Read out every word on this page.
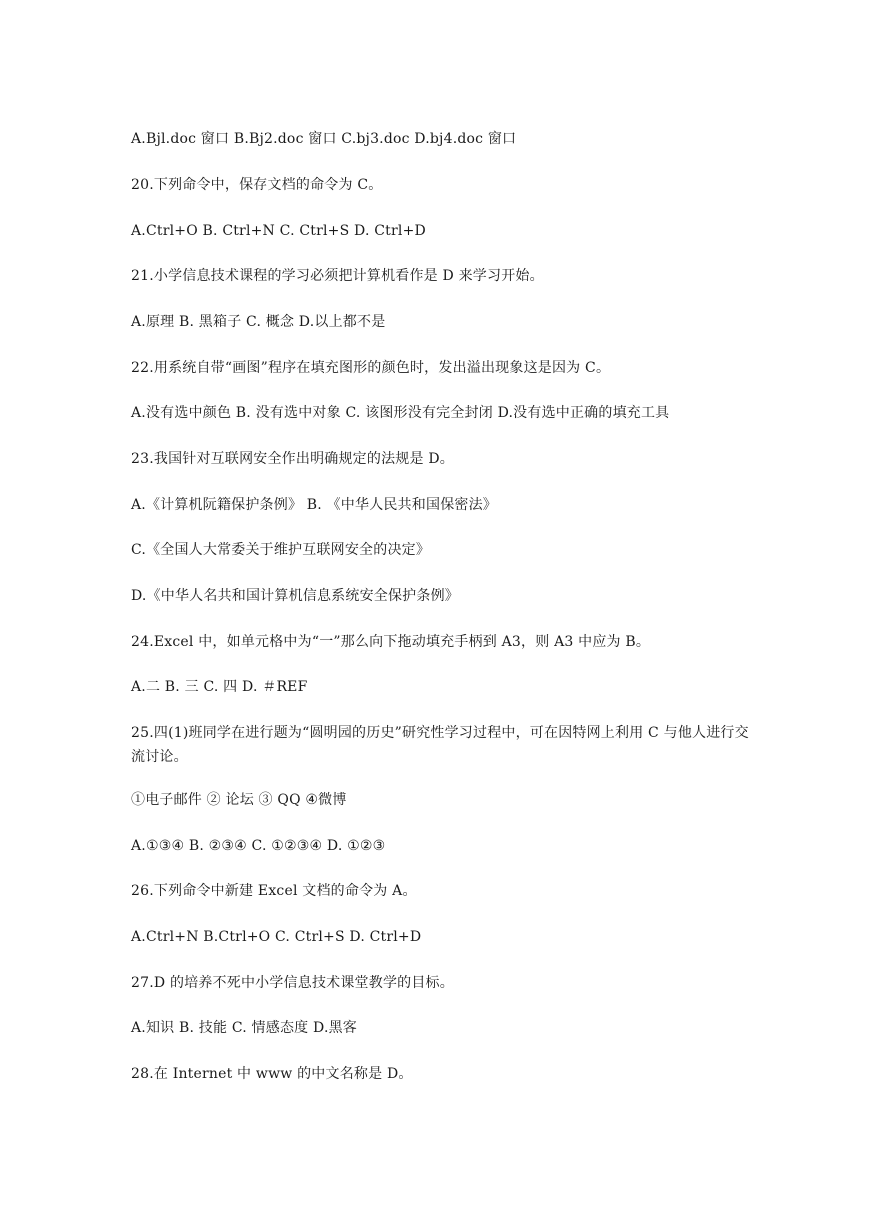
A.Bjl.doc 窗口 B.Bj2.doc 窗口 C.bj3.doc D.bj4.doc 窗口
20.下列命令中，保存文档的命令为 C。
A.Ctrl+O B. Ctrl+N C. Ctrl+S D. Ctrl+D
21.小学信息技术课程的学习必须把计算机看作是 D 来学习开始。
A.原理 B. 黑箱子 C. 概念 D.以上都不是
22.用系统自带“画图”程序在填充图形的颜色时，发出溢出现象这是因为 C。
A.没有选中颜色 B. 没有选中对象 C. 该图形没有完全封闭 D.没有选中正确的填充工具
23.我国针对互联网安全作出明确规定的法规是 D。
A.《计算机阮籍保护条例》 B. 《中华人民共和国保密法》
C.《全国人大常委关于维护互联网安全的决定》
D.《中华人名共和国计算机信息系统安全保护条例》
24.Excel 中，如单元格中为“一”那么向下拖动填充手柄到 A3，则 A3 中应为 B。
A.二 B. 三 C. 四 D. ＃REF
25.四(1)班同学在进行题为“圆明园的历史”研究性学习过程中，可在因特网上利用 C 与他人进行交流讨论。
①电子邮件 ② 论坛 ③ QQ ④微博
A.①③④ B. ②③④ C. ①②③④ D. ①②③
26.下列命令中新建 Excel 文档的命令为 A。
A.Ctrl+N B.Ctrl+O C. Ctrl+S D. Ctrl+D
27.D 的培养不死中小学信息技术课堂教学的目标。
A.知识 B. 技能 C. 情感态度 D.黑客
28.在 Internet 中 www 的中文名称是 D。
